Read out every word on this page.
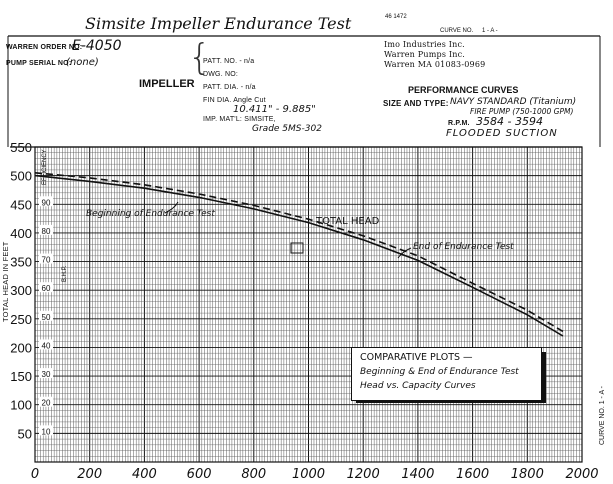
50
100
150
200
250
300
350
400
450
500
550
10
20
30
40
50
60
70
80
90
0	200 400 600 800 1000 1200 1400 1600 1800 2000
Simsite Impeller Endurance Test	46 1472
CURVE NO. 1 - A -
WARREN ORDER NO:
E-4050
PUMP SERIAL NO:
(none)
Imo Industries Inc.
Warren Pumps Inc.
Warren MA 01083-0969
IMPELLER
{
PATT. NO. - n/a
DWG. NO:
PATT. DIA. - n/a
FIN DIA. Angle Cut
10.411" - 9.885"
IMP. MAT'L: SIMSITE,
Grade 5MS-302
PERFORMANCE CURVES
SIZE AND TYPE: NAVY STANDARD (Titanium)
FIRE PUMP (750-1000 GPM)
R.P.M. 3584 - 3594
FLOODED SUCTION
TOTAL HEAD IN FEET
EFFICIENCY
B.H.P.
CURVE NO. 1 - A -
Beginning of Endurance Test
TOTAL HEAD
End of Endurance Test
COMPARATIVE PLOTS —
Beginning & End of Endurance Test
Head vs. Capacity Curves
